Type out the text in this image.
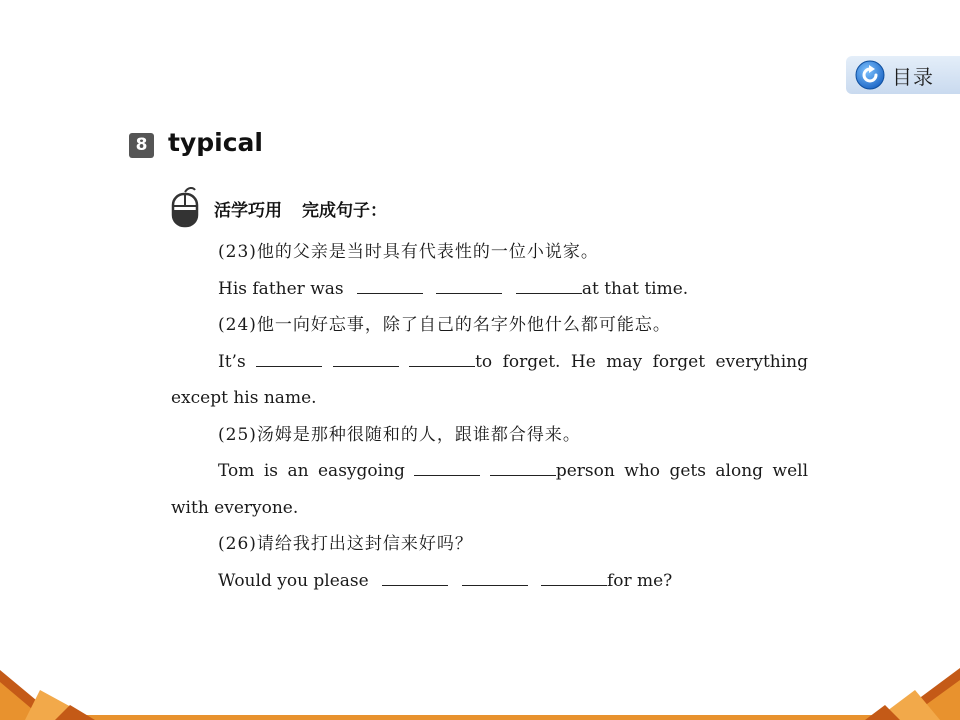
目录
8 typical
活学巧用 完成句子：
(23)他的父亲是当时具有代表性的一位小说家。
His father was	at that time.
(24)他一向好忘事，除了自己的名字外他什么都可能忘。
It’s	to forget. He may forget everything
except his name.
(25)汤姆是那种很随和的人，跟谁都合得来。
Tom is an easygoing	person who gets along well
with everyone.
(26)请给我打出这封信来好吗？
Would you please	for me?
